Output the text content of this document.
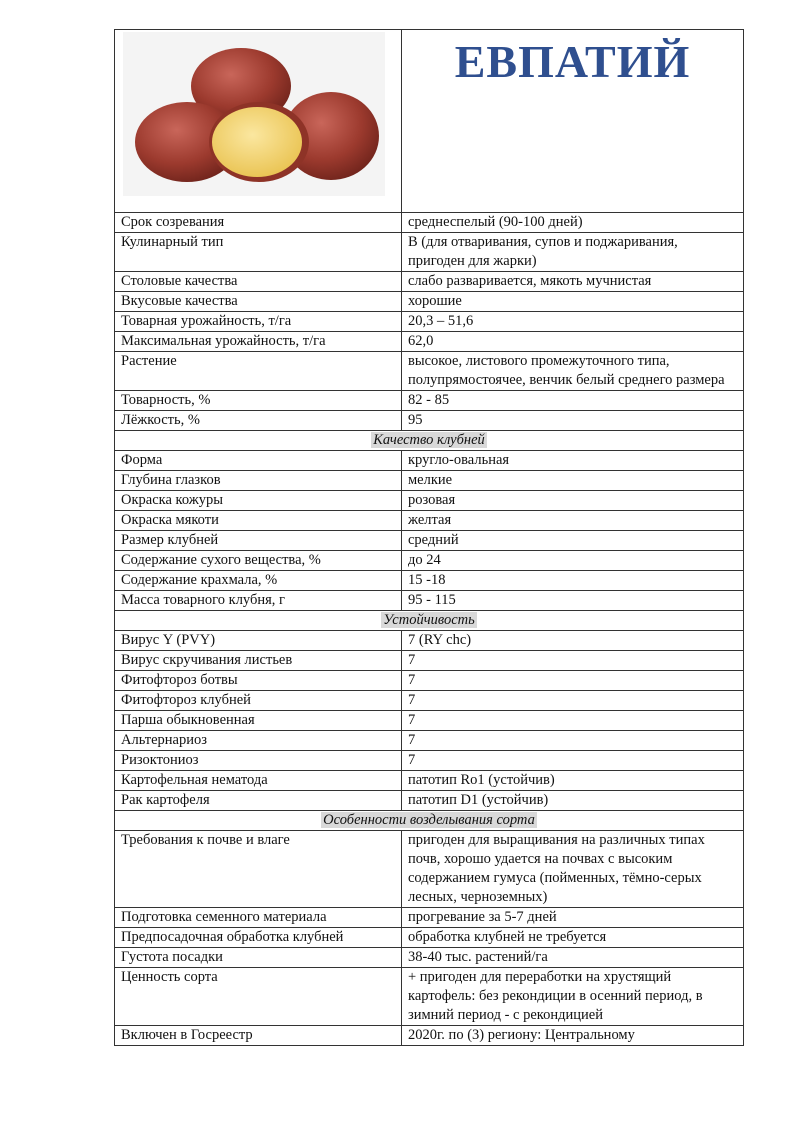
ЕВПАТИЙ

Срок созревания	среднеспелый (90-100 дней)
Кулинарный тип	B (для отваривания, супов и поджаривания, пригоден для жарки)
Столовые качества	слабо разваривается, мякоть мучнистая
Вкусовые качества	хорошие
Товарная урожайность, т/га	20,3 – 51,6
Максимальная урожайность, т/га	62,0
Растение	высокое, листового промежуточного типа, полупрямостоячее, венчик белый среднего размера
Товарность, %	82 - 85
Лёжкость, %	95
Качество клубней	
Форма	кругло-овальная
Глубина глазков	мелкие
Окраска кожуры	розовая
Окраска мякоти	желтая
Размер клубней	средний
Содержание сухого вещества, %	до 24
Содержание крахмала, %	15 -18
Масса товарного клубня, г	95 - 115
Устойчивость	
Вирус Y (PVY)	7 (RY chc)
Вирус скручивания листьев	7
Фитофтороз ботвы	7
Фитофтороз клубней	7
Парша обыкновенная	7
Альтернариоз	7
Ризоктониоз	7
Картофельная нематода	патотип Ro1 (устойчив)
Рак картофеля	патотип D1 (устойчив)
Особенности возделывания сорта	
Требования к почве и влаге	пригоден для выращивания на различных типах почв, хорошо удается на почвах с высоким содержанием гумуса (пойменных, тёмно-серых лесных, черноземных)
Подготовка семенного материала	прогревание за 5-7 дней
Предпосадочная обработка клубней	обработка клубней не требуется
Густота посадки	38-40 тыс. растений/га
Ценность сорта	+ пригоден для переработки на хрустящий картофель: без рекондиции в осенний период, в зимний период - с рекондицией
Включен в Госреестр	2020г. по (3) региону: Центральному
